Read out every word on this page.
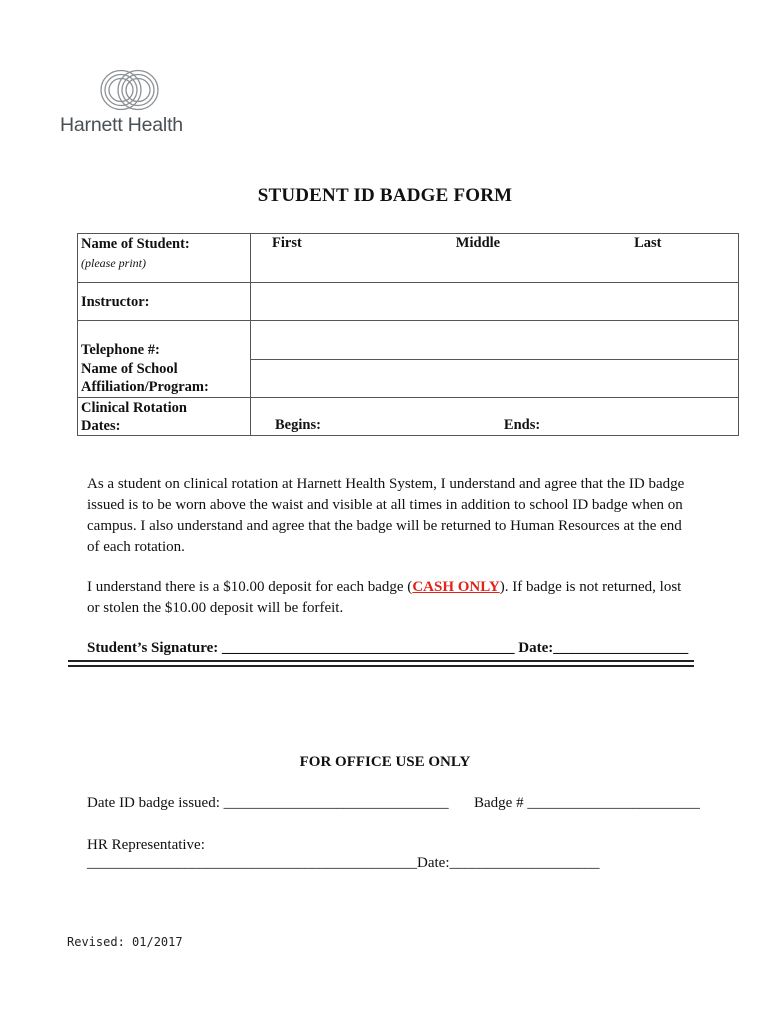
Harnett Health
STUDENT ID BADGE FORM
Name of Student:
(please print)	First Middle Last

Instructor:	
Telephone #:	
Name of School
Affiliation/Program:	
Clinical Rotation
Dates:	Begins: Ends:
As a student on clinical rotation at Harnett Health System, I understand and agree that the ID badge issued is to be worn above the waist and visible at all times in addition to school ID badge when on campus. I also understand and agree that the badge will be returned to Human Resources at the end of each rotation.
I understand there is a $10.00 deposit for each badge (CASH ONLY). If badge is not returned, lost or stolen the $10.00 deposit will be forfeit.
Student’s Signature: _______________________________________ Date:__________________
FOR OFFICE USE ONLY
Date ID badge issued: ______________________________ Badge # _______________________
HR Representative:
____________________________________________Date:____________________
Revised: 01/2017
